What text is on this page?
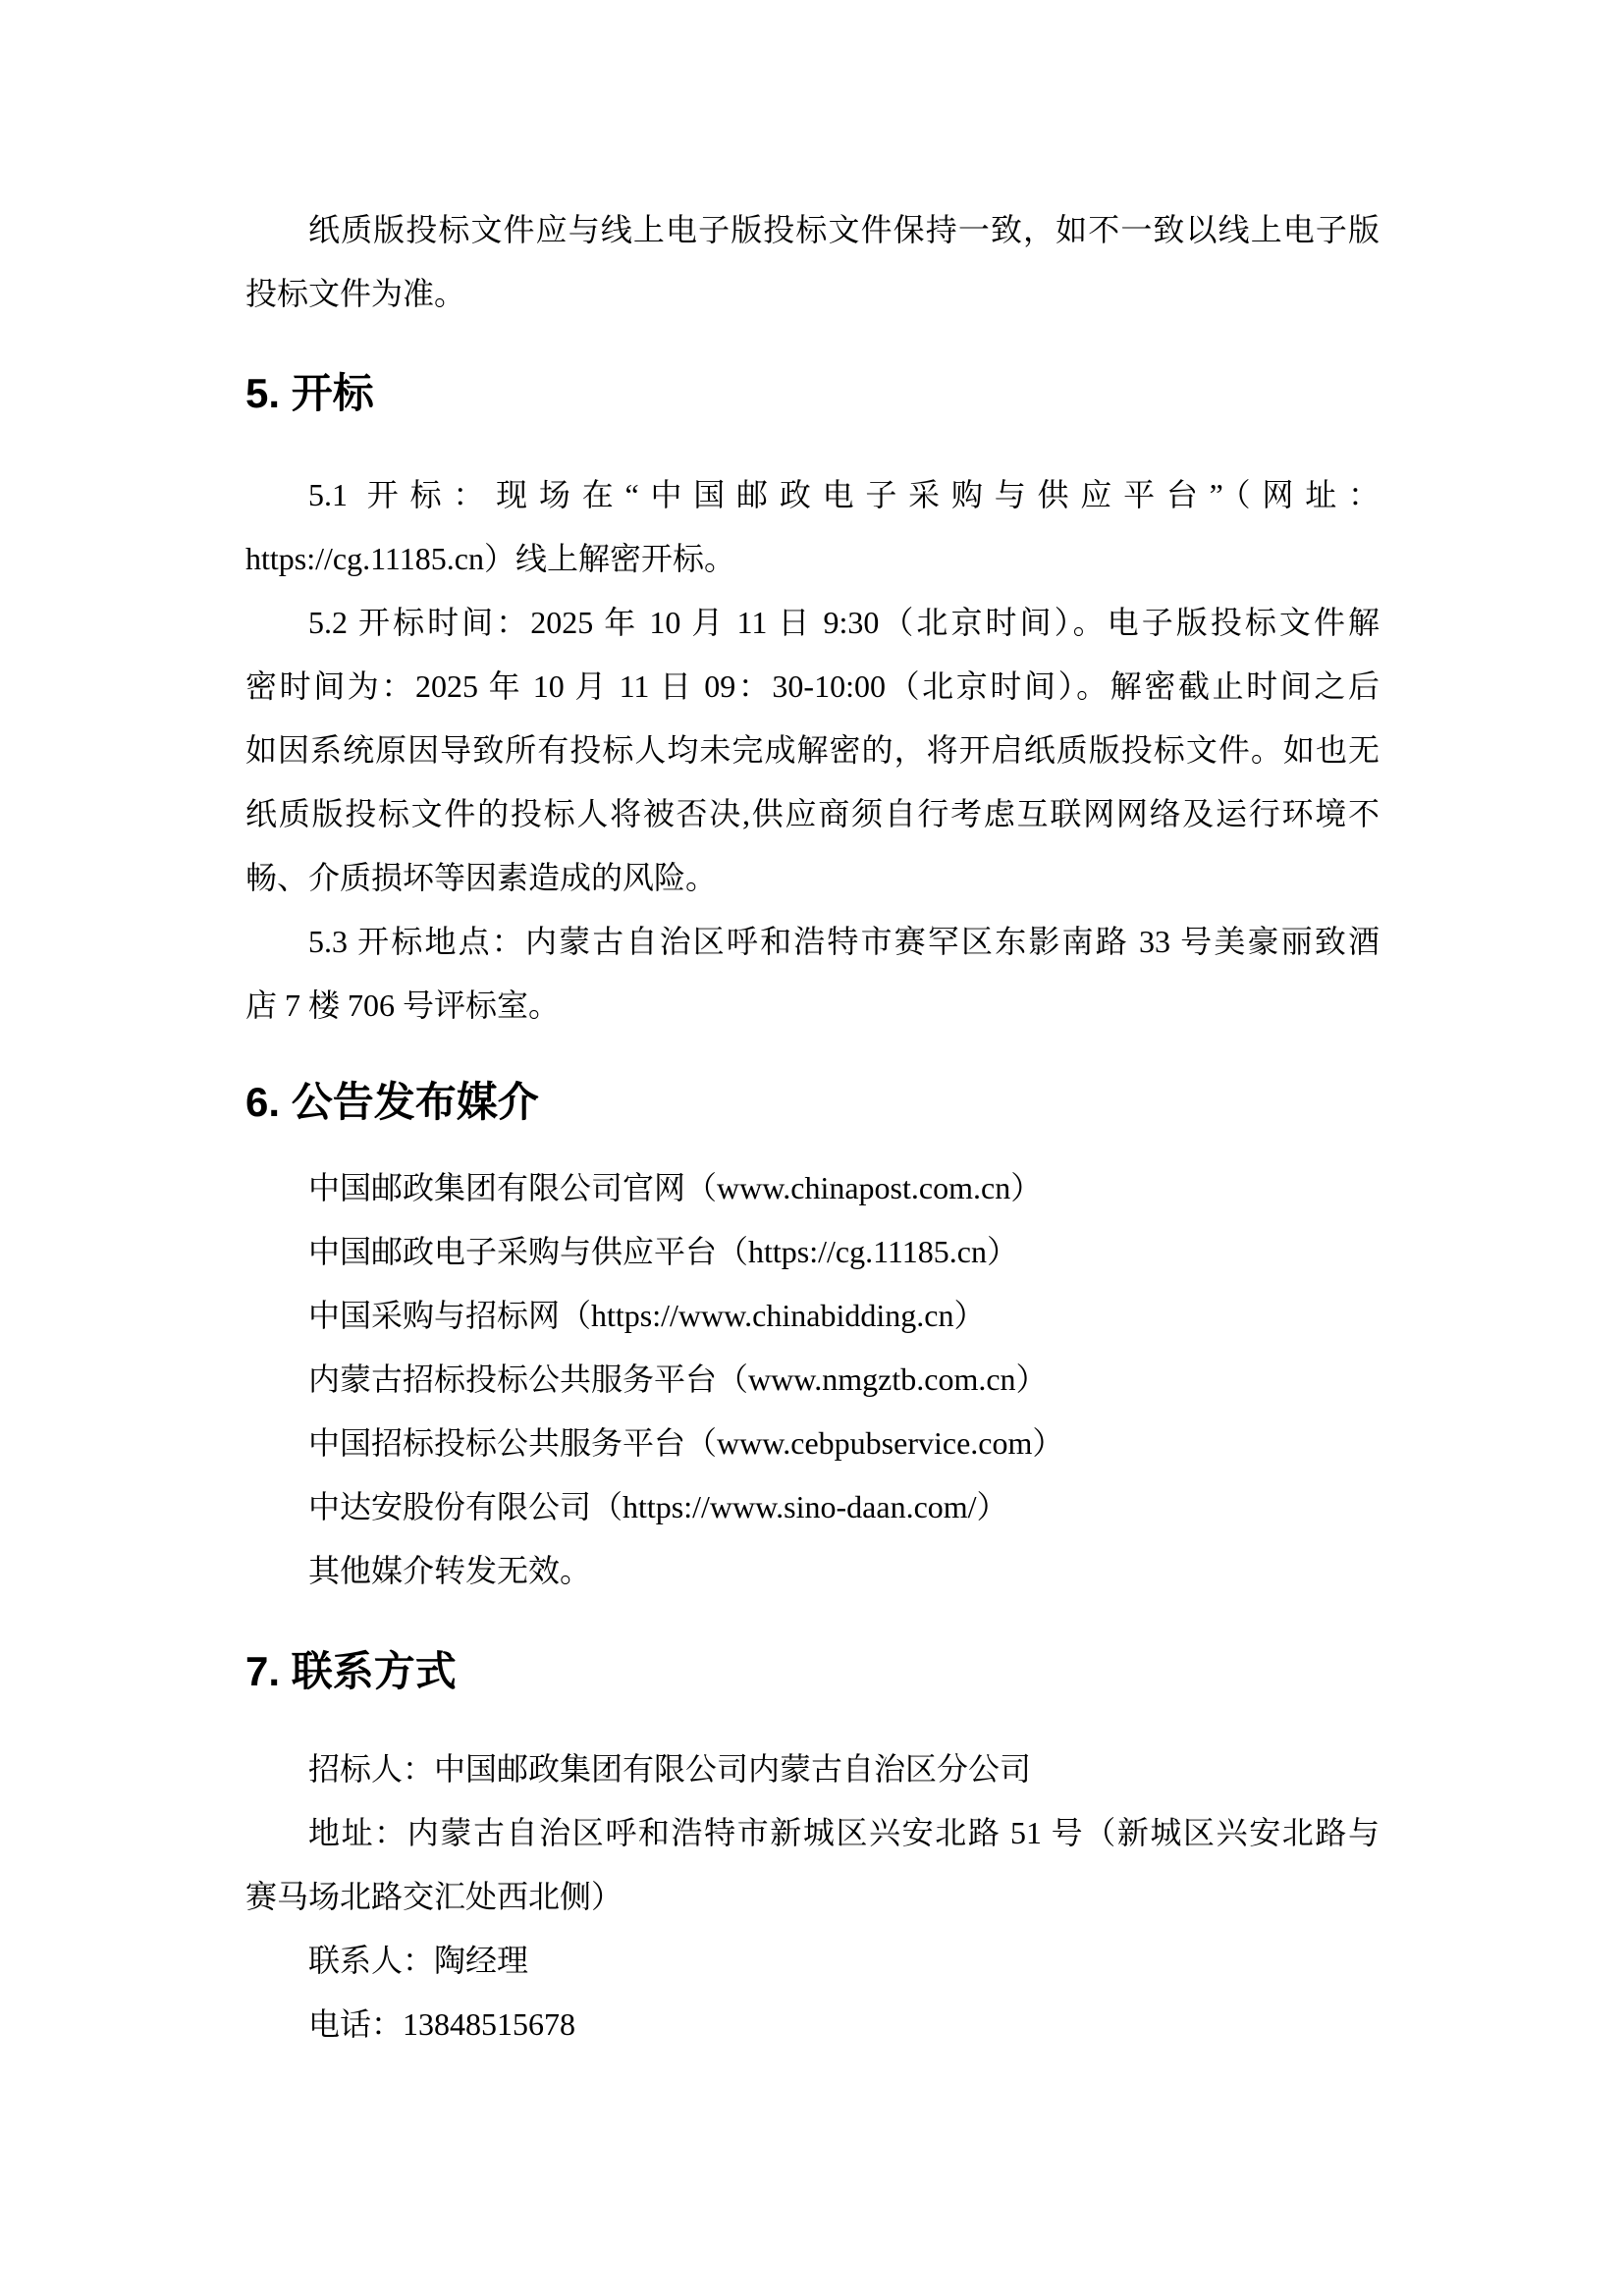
纸质版投标文件应与线上电子版投标文件保持一致，如不一致以线上电子版

投标文件为准。

5. 开标

5.1 开标：现场在“中国邮政电子采购与供应平台”（网址：

https://cg.11185.cn）线上解密开标。

5.2 开标时间：2025 年 10 月 11 日 9:30（北京时间）。电子版投标文件解

密时间为：2025 年 10 月 11 日 09：30-10:00（北京时间）。解密截止时间之后

如因系统原因导致所有投标人均未完成解密的，将开启纸质版投标文件。如也无

纸质版投标文件的投标人将被否决,供应商须自行考虑互联网网络及运行环境不

畅、介质损坏等因素造成的风险。

5.3 开标地点：内蒙古自治区呼和浩特市赛罕区东影南路 33 号美豪丽致酒

店 7 楼 706 号评标室。

6. 公告发布媒介

中国邮政集团有限公司官网（www.chinapost.com.cn）

中国邮政电子采购与供应平台（https://cg.11185.cn）

中国采购与招标网（https://www.chinabidding.cn）

内蒙古招标投标公共服务平台（www.nmgztb.com.cn）

中国招标投标公共服务平台（www.cebpubservice.com）

中达安股份有限公司（https://www.sino-daan.com/）

其他媒介转发无效。

7. 联系方式

招标人：中国邮政集团有限公司内蒙古自治区分公司

地址：内蒙古自治区呼和浩特市新城区兴安北路 51 号（新城区兴安北路与

赛马场北路交汇处西北侧）

联系人：陶经理

电话：13848515678
